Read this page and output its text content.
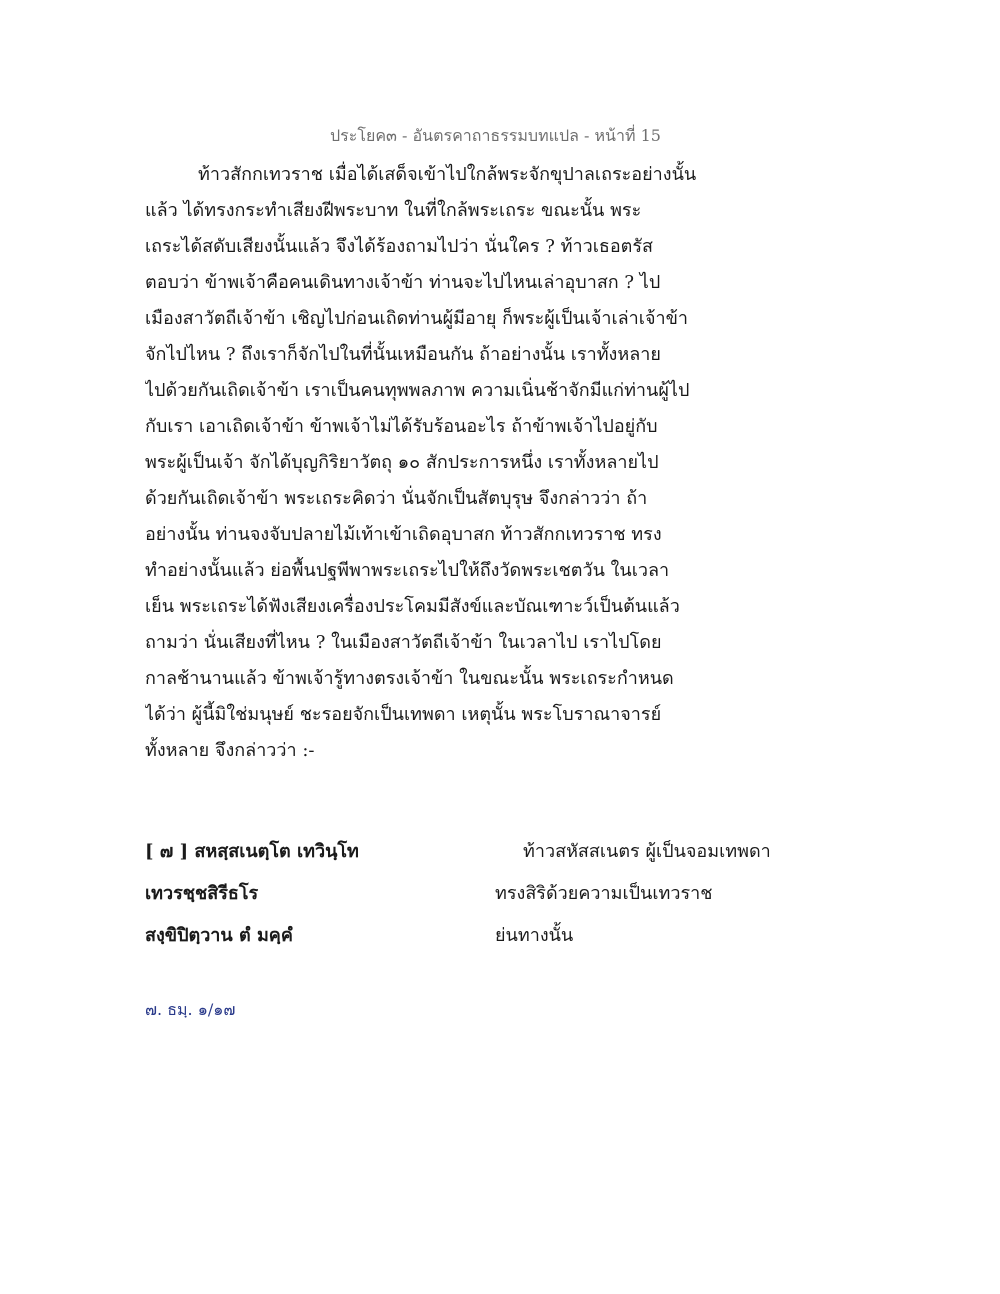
ประโยค๓ - อันตรคาถาธรรมบทแปล - หน้าที่ 15
ท้าวสักกเทวราช เมื่อได้เสด็จเข้าไปใกล้พระจักขุปาลเถระอย่างนั้น
แล้ว ได้ทรงกระทำเสียงฝีพระบาท ในที่ใกล้พระเถระ ขณะนั้น พระ
เถระได้สดับเสียงนั้นแล้ว จึงได้ร้องถามไปว่า นั่นใคร ? ท้าวเธอตรัส
ตอบว่า ข้าพเจ้าคือคนเดินทางเจ้าข้า ท่านจะไปไหนเล่าอุบาสก ? ไป
เมืองสาวัตถีเจ้าข้า เชิญไปก่อนเถิดท่านผู้มีอายุ ก็พระผู้เป็นเจ้าเล่าเจ้าข้า
จักไปไหน ? ถึงเราก็จักไปในที่นั้นเหมือนกัน ถ้าอย่างนั้น เราทั้งหลาย
ไปด้วยกันเถิดเจ้าข้า เราเป็นคนทุพพลภาพ ความเนิ่นช้าจักมีแก่ท่านผู้ไป
กับเรา เอาเถิดเจ้าข้า ข้าพเจ้าไม่ได้รับร้อนอะไร ถ้าข้าพเจ้าไปอยู่กับ
พระผู้เป็นเจ้า จักได้บุญกิริยาวัตถุ ๑๐ สักประการหนึ่ง เราทั้งหลายไป
ด้วยกันเถิดเจ้าข้า พระเถระคิดว่า นั่นจักเป็นสัตบุรุษ จึงกล่าวว่า ถ้า
อย่างนั้น ท่านจงจับปลายไม้เท้าเข้าเถิดอุบาสก ท้าวสักกเทวราช ทรง
ทำอย่างนั้นแล้ว ย่อพื้นปฐพีพาพระเถระไปให้ถึงวัดพระเชตวัน ในเวลา
เย็น พระเถระได้ฟังเสียงเครื่องประโคมมีสังข์และบัณเฑาะว์เป็นต้นแล้ว
ถามว่า นั่นเสียงที่ไหน ? ในเมืองสาวัตถีเจ้าข้า ในเวลาไป เราไปโดย
กาลช้านานแล้ว ข้าพเจ้ารู้ทางตรงเจ้าข้า ในขณะนั้น พระเถระกำหนด
ได้ว่า ผู้นี้มิใช่มนุษย์ ชะรอยจักเป็นเทพดา เหตุนั้น พระโบราณาจารย์
ทั้งหลาย จึงกล่าวว่า :-
[ ๗ ] สหสฺสเนตฺโต เทวินฺโท	ท้าวสหัสสเนตร ผู้เป็นจอมเทพดา
เทวรชฺชสิรีธโร	ทรงสิริด้วยความเป็นเทวราช
สงฺขิปิตฺวาน ตํ มคฺคํ	ย่นทางนั้น
๗. ธมฺ. ๑/๑๗
